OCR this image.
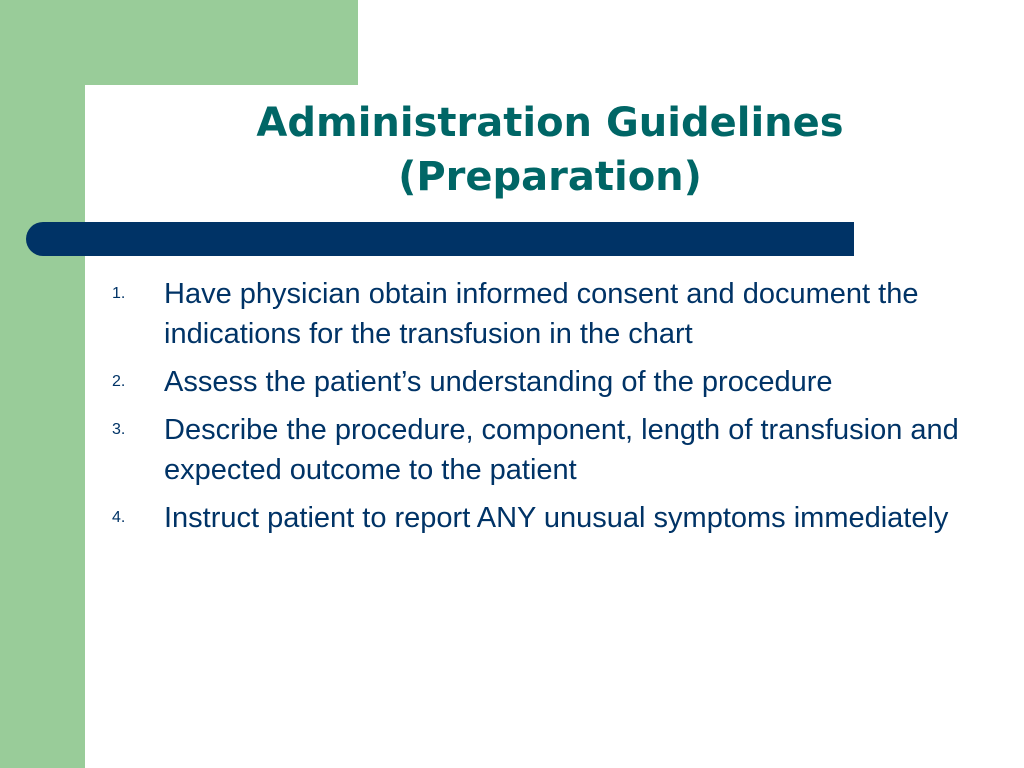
Administration Guidelines
(Preparation)
1.	Have physician obtain informed consent and document the indications for the transfusion in the chart
2.	Assess the patient’s understanding of the procedure
3.	Describe the procedure, component, length of transfusion and expected outcome to the patient
4.	Instruct patient to report ANY unusual symptoms immediately
